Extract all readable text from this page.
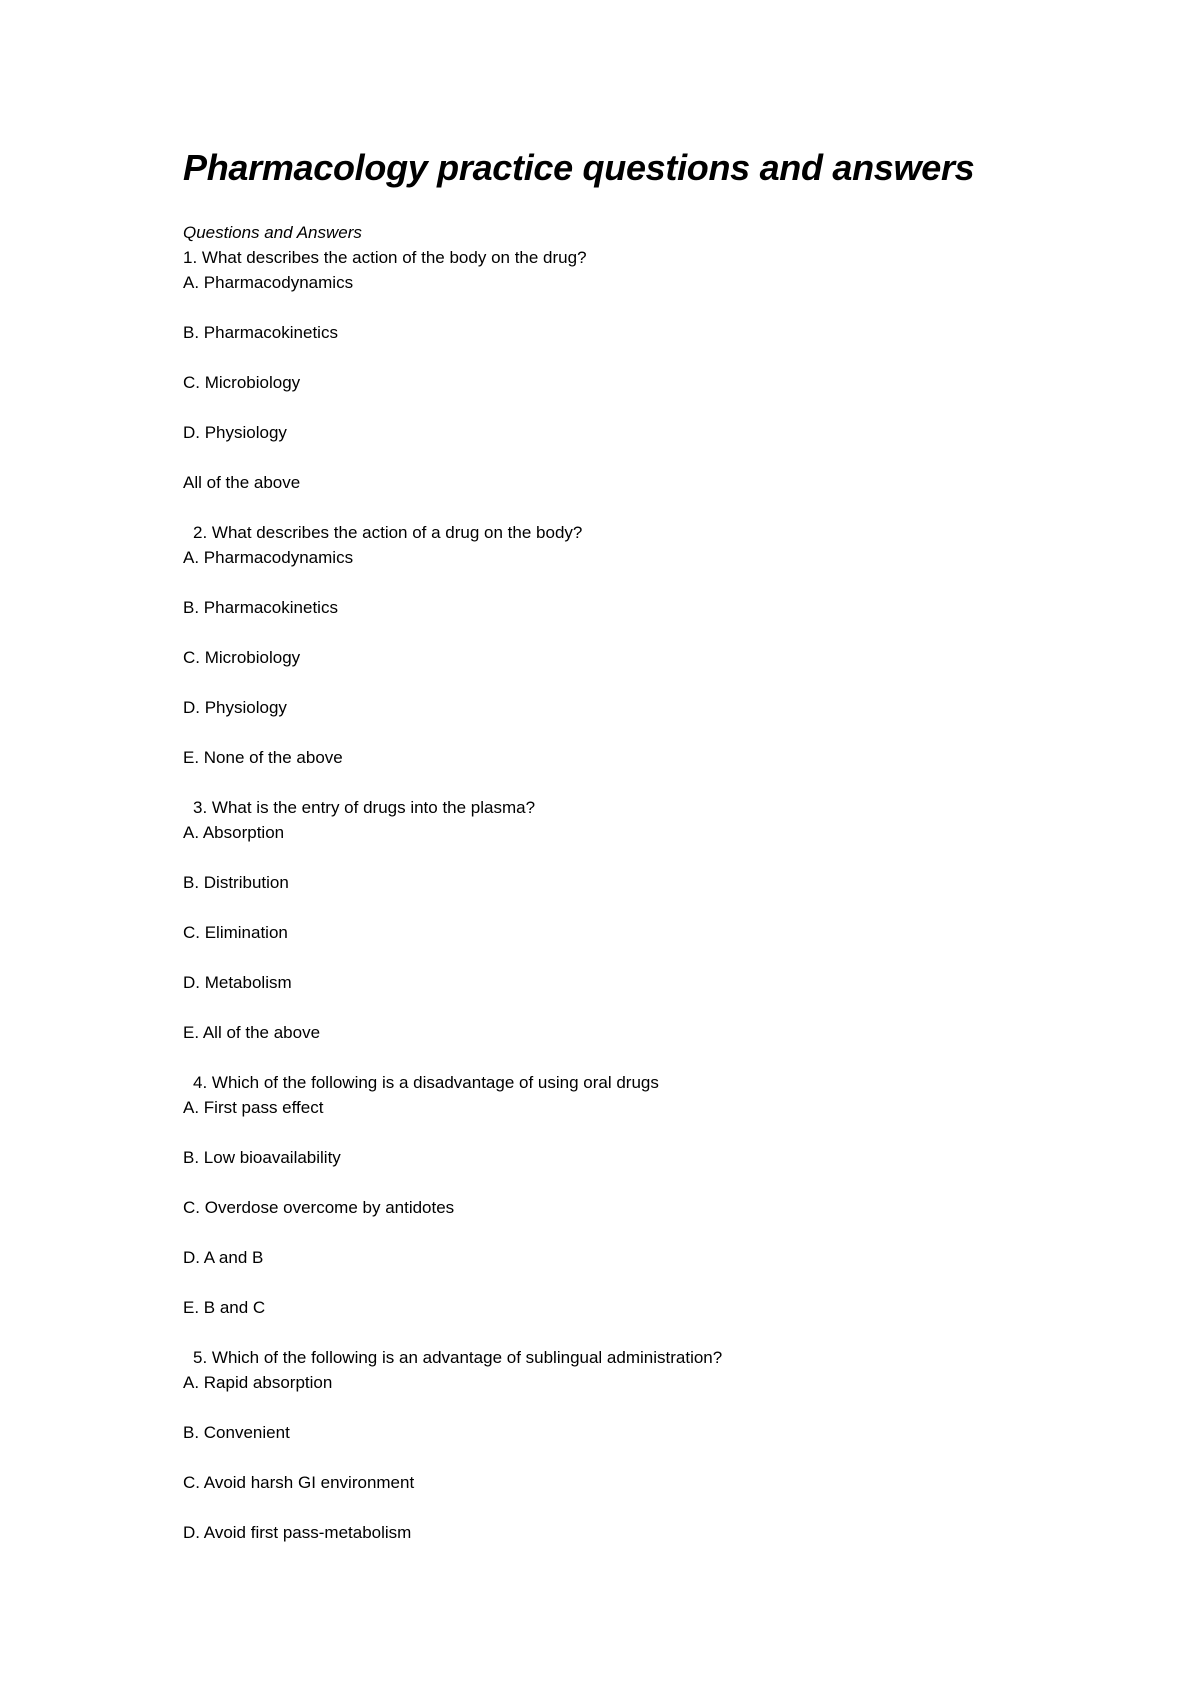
Pharmacology practice questions and answers
Questions and Answers
1. What describes the action of the body on the drug?
A. Pharmacodynamics
B. Pharmacokinetics
C. Microbiology
D. Physiology
All of the above
2. What describes the action of a drug on the body?
A. Pharmacodynamics
B. Pharmacokinetics
C. Microbiology
D. Physiology
E. None of the above
3. What is the entry of drugs into the plasma?
A. Absorption
B. Distribution
C. Elimination
D. Metabolism
E. All of the above
4. Which of the following is a disadvantage of using oral drugs
A. First pass effect
B. Low bioavailability
C. Overdose overcome by antidotes
D. A and B
E. B and C
5. Which of the following is an advantage of sublingual administration?
A. Rapid absorption
B. Convenient
C. Avoid harsh GI environment
D. Avoid first pass-metabolism
